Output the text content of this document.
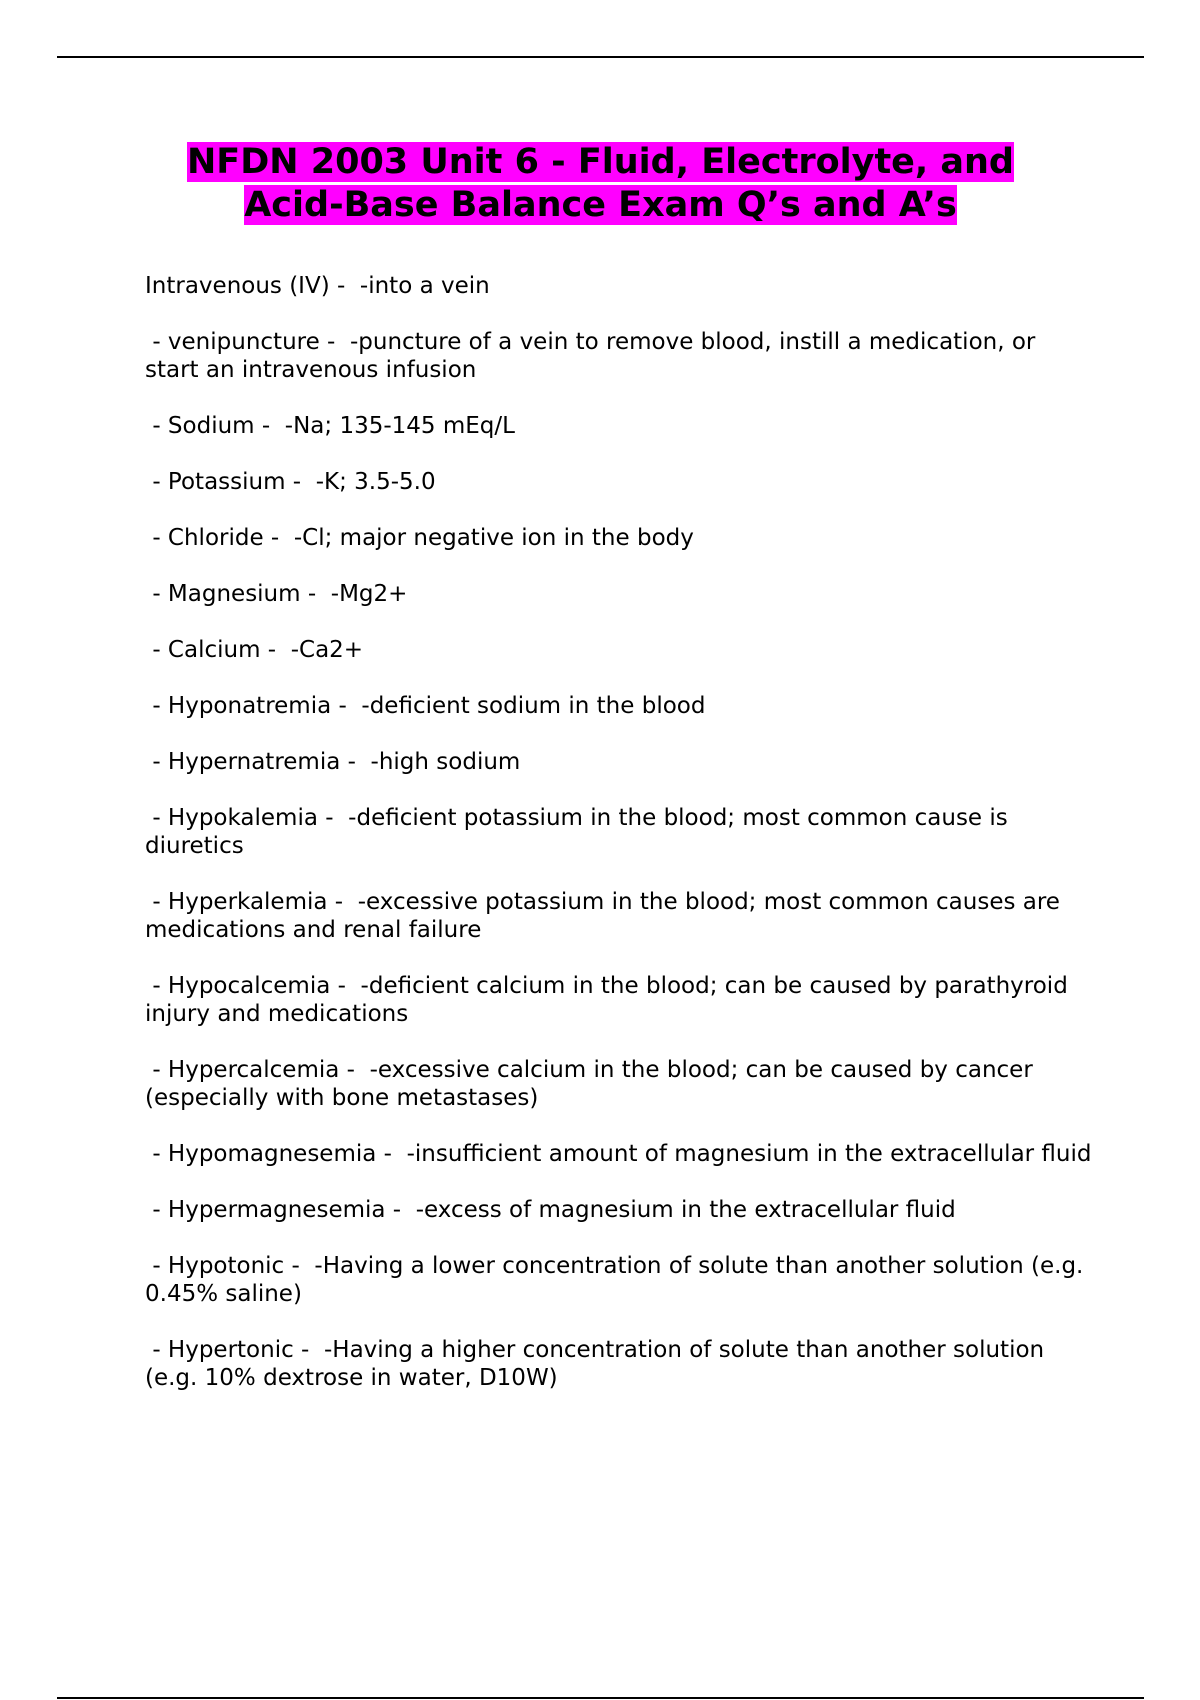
NFDN 2003 Unit 6 - Fluid, Electrolyte, and
Acid-Base Balance Exam Q’s and A’s

Intravenous (IV) -  -into a vein

- venipuncture -  -puncture of a vein to remove blood, instill a medication, or start an intravenous infusion

- Sodium -  -Na; 135-145 mEq/L

- Potassium -  -K; 3.5-5.0

- Chloride -  -Cl; major negative ion in the body

- Magnesium -  -Mg2+

- Calcium -  -Ca2+

- Hyponatremia -  -deficient sodium in the blood

- Hypernatremia -  -high sodium

- Hypokalemia -  -deficient potassium in the blood; most common cause is diuretics

- Hyperkalemia -  -excessive potassium in the blood; most common causes are medications and renal failure

- Hypocalcemia -  -deficient calcium in the blood; can be caused by parathyroid injury and medications

- Hypercalcemia -  -excessive calcium in the blood; can be caused by cancer (especially with bone metastases)

- Hypomagnesemia -  -insufficient amount of magnesium in the extracellular fluid

- Hypermagnesemia -  -excess of magnesium in the extracellular fluid

- Hypotonic -  -Having a lower concentration of solute than another solution (e.g. 0.45% saline)

- Hypertonic -  -Having a higher concentration of solute than another solution (e.g. 10% dextrose in water, D10W)
